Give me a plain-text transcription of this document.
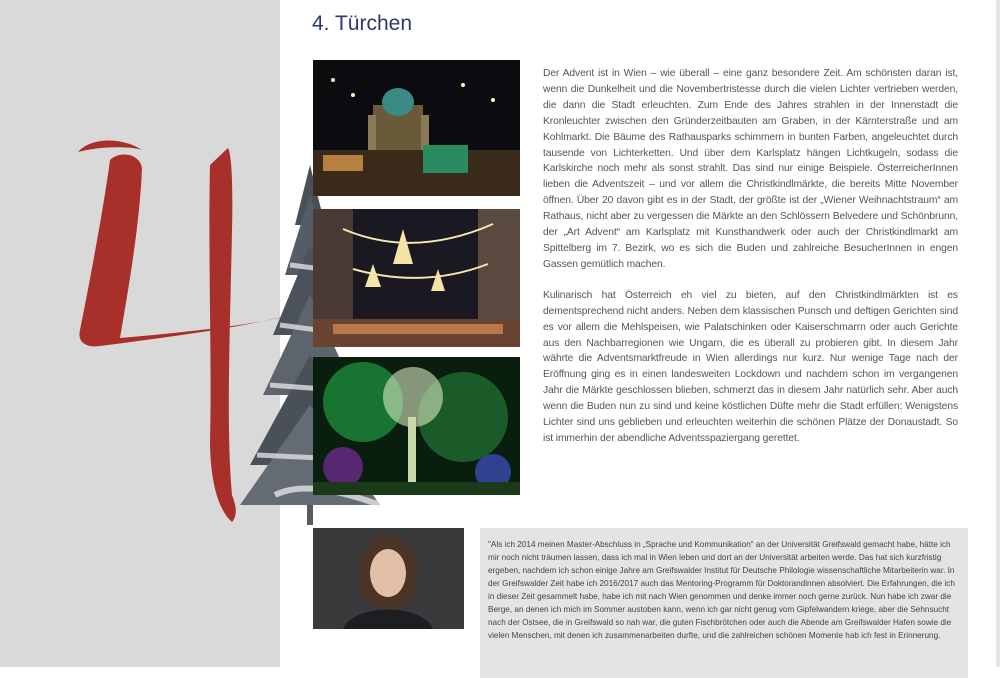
4. Türchen

Der Advent ist in Wien – wie überall – eine ganz besondere Zeit. Am schönsten daran ist, wenn die Dunkelheit und die Novembertristesse durch die vielen Lichter vertrieben werden, die dann die Stadt erleuchten. Zum Ende des Jahres strahlen in der Innenstadt die Kronleuchter zwischen den Gründerzeitbauten am Graben, in der Kärnterstraße und am Kohlmarkt. Die Bäume des Rathausparks schimmern in bunten Farben, angeleuchtet durch tausende von Lichterketten. Und über dem Karlsplatz hängen Lichtkugeln, sodass die Karlskirche noch mehr als sonst strahlt. Das sind nur einige Beispiele. ÖsterreicherInnen lieben die Adventszeit – und vor allem die Christkindlmärkte, die bereits Mitte November öffnen. Über 20 davon gibt es in der Stadt, der größte ist der „Wiener Weihnachtstraum“ am Rathaus, nicht aber zu vergessen die Märkte an den Schlössern Belvedere und Schönbrunn, der „Art Advent“ am Karlsplatz mit Kunsthandwerk oder auch der Christkindlmarkt am Spittelberg im 7. Bezirk, wo es sich die Buden und zahlreiche BesucherInnen in engen Gassen gemütlich machen.

Kulinarisch hat Österreich eh viel zu bieten, auf den Christkindlmärkten ist es dementsprechend nicht anders. Neben dem klassischen Punsch und deftigen Gerichten sind es vor allem die Mehlspeisen, wie Palatschinken oder Kaiserschmarrn oder auch Gerichte aus den Nachbarregionen wie Ungarn, die es überall zu probieren gibt. In diesem Jahr währte die Adventsmarktfreude in Wien allerdings nur kurz. Nur wenige Tage nach der Eröffnung ging es in einen landesweiten Lockdown und nachdem schon im vergangenen Jahr die Märkte geschlossen blieben, schmerzt das in diesem Jahr natürlich sehr. Aber auch wenn die Buden nun zu sind und keine köstlichen Düfte mehr die Stadt erfüllen: Wenigstens Lichter sind uns geblieben und erleuchten weiterhin die schönen Plätze der Donaustadt. So ist immerhin der abendliche Adventsspaziergang gerettet.

"Als ich 2014 meinen Master-Abschluss in „Sprache und Kommunikation“ an der Universität Greifswald gemacht habe, hätte ich mir noch nicht träumen lassen, dass ich mal in Wien leben und dort an der Universität arbeiten werde. Das hat sich kurzfristig ergeben, nachdem ich schon einige Jahre am Greifswalder Institut für Deutsche Philologie wissenschaftliche Mitarbeiterin war. In der Greifswalder Zeit habe ich 2016/2017 auch das Mentoring-Programm für Doktorandinnen absolviert. Die Erfahrungen, die ich in dieser Zeit gesammelt habe, habe ich mit nach Wien genommen und denke immer noch gerne zurück. Nun habe ich zwar die Berge, an denen ich mich im Sommer austoben kann, wenn ich gar nicht genug vom Gipfelwandern kriege, aber die Sehnsucht nach der Ostsee, die in Greifswald so nah war, die guten Fischbrötchen oder auch die Abende am Greifswalder Hafen sowie die vielen Menschen, mit denen ich zusammenarbeiten durfte, und die zahlreichen schönen Momente hab ich fest in Erinnerung.
